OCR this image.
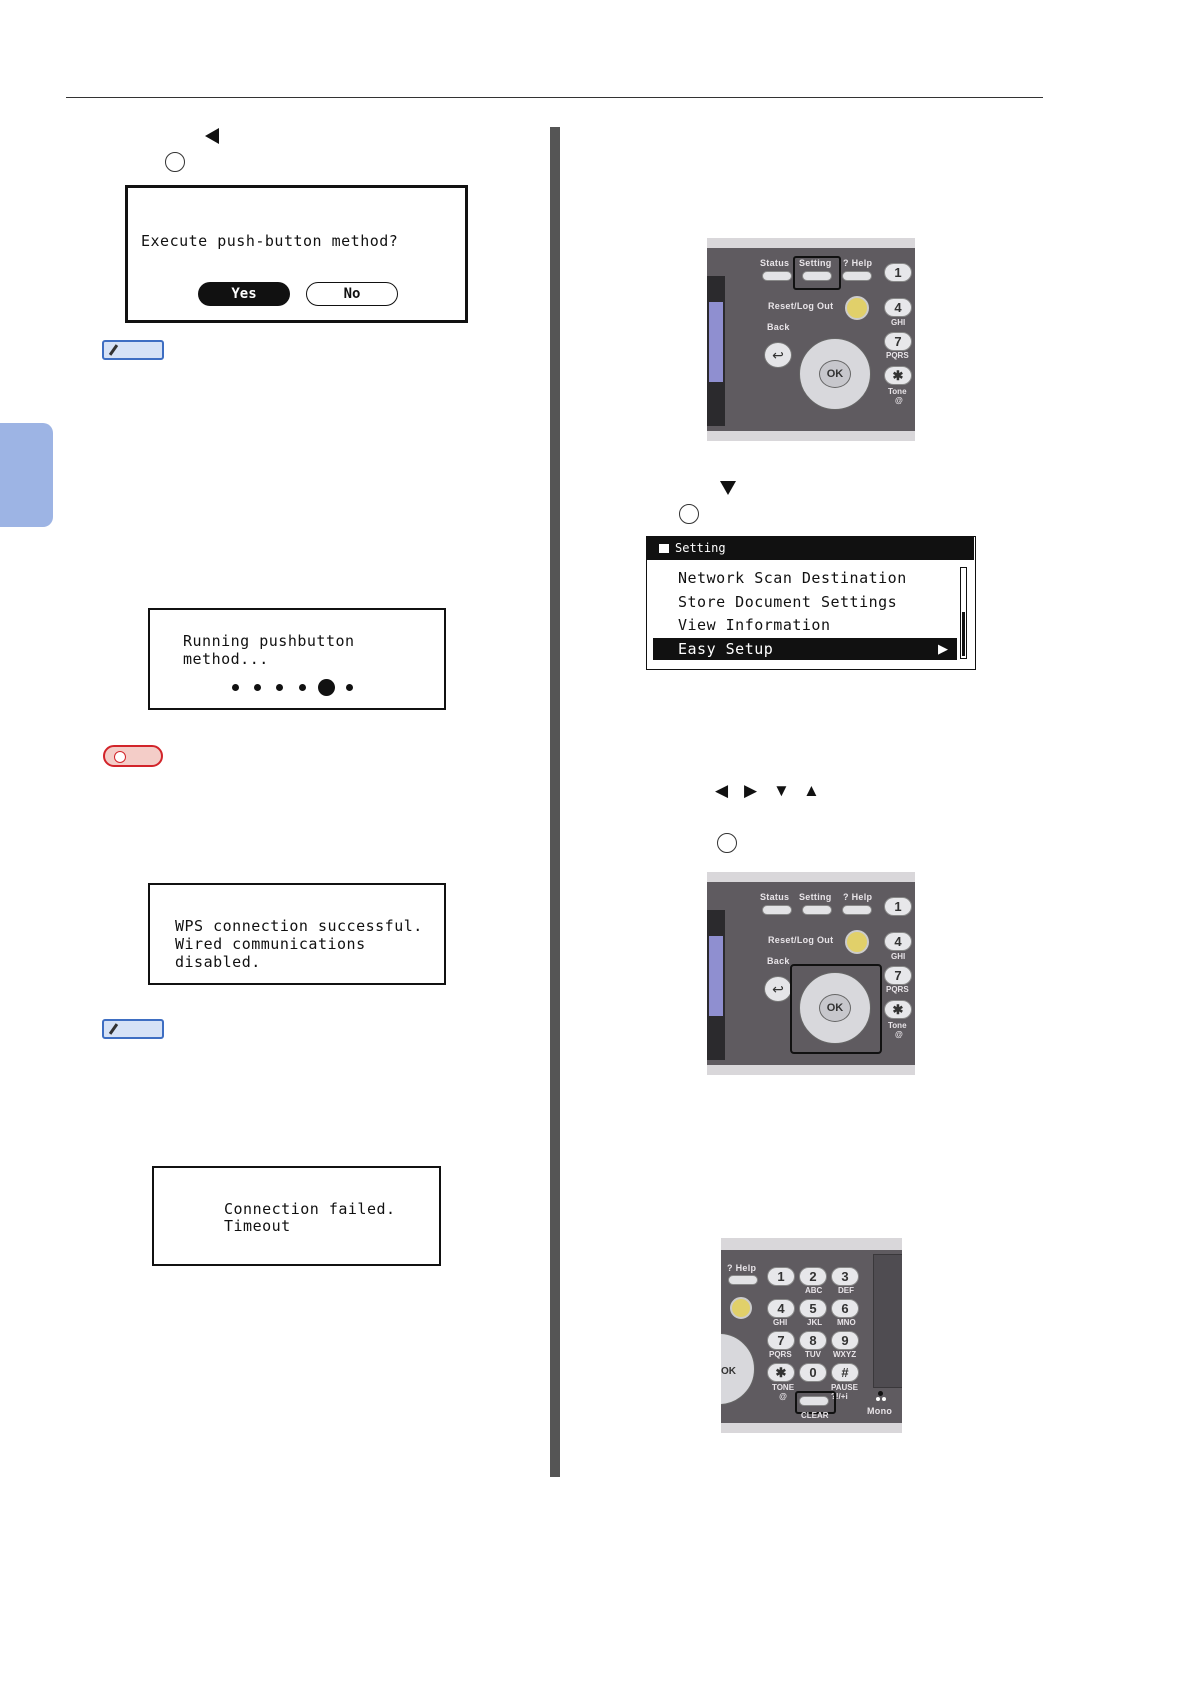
Execute push-button method?
Yes	No
Running pushbutton method...
WPS connection successful.
Wired communications disabled.
Connection failed.
Timeout
Status Setting ? Help
1
Reset/Log Out	4
GHI
Back
↩
OK
7
PQRS
✱
Tone
@
Setting
Network Scan Destination
Store Document Settings
View Information
Easy Setup	▶
◀ ▶ ▼ ▲
Status Setting ? Help
1
Reset/Log Out	4
GHI
Back
↩
OK
7
PQRS
✱
Tone
@
? Help
OK
1	2	3
ABC DEF
4	5	6
GHI JKL MNO
7	8	9
PQRS TUV WXYZ
✱	0	#
TONE @
PAUSE ?!/+i
CLEAR	Mono
